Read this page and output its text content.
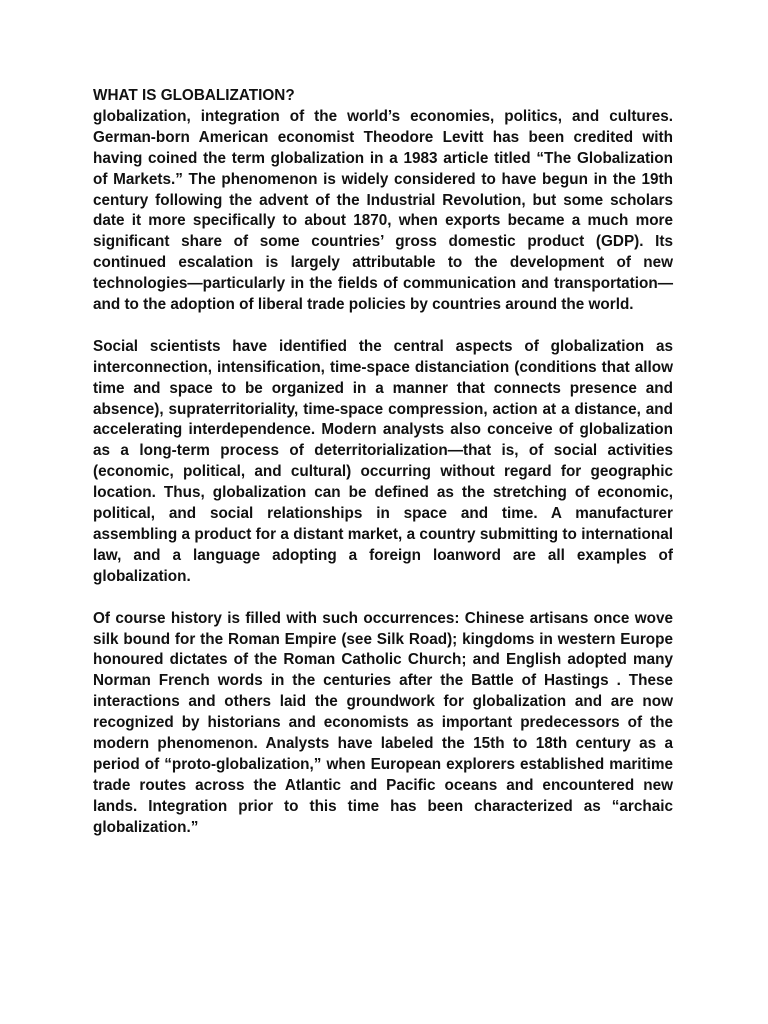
WHAT IS GLOBALIZATION?

globalization, integration of the world’s economies, politics, and cultures. German-born American economist Theodore Levitt has been credited with having coined the term globalization in a 1983 article titled “The Globalization of Markets.” The phenomenon is widely considered to have begun in the 19th century following the advent of the Industrial Revolution, but some scholars date it more specifically to about 1870, when exports became a much more significant share of some countries’ gross domestic product (GDP). Its continued escalation is largely attributable to the development of new technologies—particularly in the fields of communication and transportation—and to the adoption of liberal trade policies by countries around the world.

Social scientists have identified the central aspects of globalization as interconnection, intensification, time-space distanciation (conditions that allow time and space to be organized in a manner that connects presence and absence), supraterritoriality, time-space compression, action at a distance, and accelerating interdependence. Modern analysts also conceive of globalization as a long-term process of deterritorialization—that is, of social activities (economic, political, and cultural) occurring without regard for geographic location. Thus, globalization can be defined as the stretching of economic, political, and social relationships in space and time. A manufacturer assembling a product for a distant market, a country submitting to international law, and a language adopting a foreign loanword are all examples of globalization.

Of course history is filled with such occurrences: Chinese artisans once wove silk bound for the Roman Empire (see Silk Road); kingdoms in western Europe honoured dictates of the Roman Catholic Church; and English adopted many Norman French words in the centuries after the Battle of Hastings . These interactions and others laid the groundwork for globalization and are now recognized by historians and economists as important predecessors of the modern phenomenon. Analysts have labeled the 15th to 18th century as a period of “proto-globalization,” when European explorers established maritime trade routes across the Atlantic and Pacific oceans and encountered new lands. Integration prior to this time has been characterized as “archaic globalization.”
